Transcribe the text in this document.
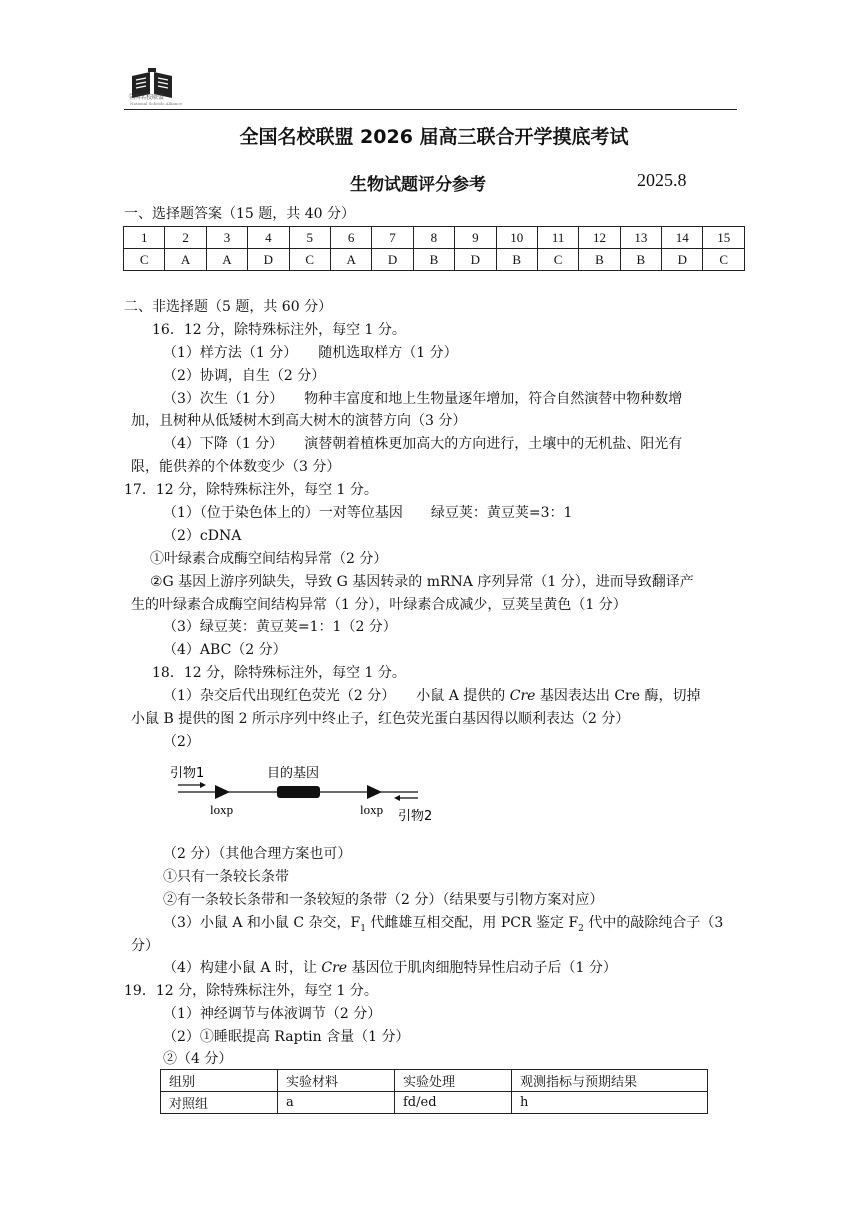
全国名校联盟
National Schools Alliance
全国名校联盟 2026 届高三联合开学摸底考试
生物试题评分参考	2025.8
一、选择题答案（15 题，共 40 分）
1	2	3	4	5	6	7	8	9	10	11	12	13	14	15
C	A	A	D	C	A	D	B	D	B	C	B	B	D	C
二、非选择题（5 题，共 60 分）
16．12 分，除特殊标注外，每空 1 分。
（1）样方法（1 分）　　随机选取样方（1 分）
（2）协调，自生（2 分）
（3）次生（1 分）　　物种丰富度和地上生物量逐年增加，符合自然演替中物种数增
加，且树种从低矮树木到高大树木的演替方向（3 分）
（4）下降（1 分）　　演替朝着植株更加高大的方向进行，土壤中的无机盐、阳光有
限，能供养的个体数变少（3 分）
17．12 分，除特殊标注外，每空 1 分。
（1）（位于染色体上的）一对等位基因　　绿豆荚：黄豆荚=3：1
（2）cDNA
①叶绿素合成酶空间结构异常（2 分）
②G 基因上游序列缺失，导致 G 基因转录的 mRNA 序列异常（1 分），进而导致翻译产
生的叶绿素合成酶空间结构异常（1 分），叶绿素合成减少，豆荚呈黄色（1 分）
（3）绿豆荚：黄豆荚=1：1（2 分）
（4）ABC（2 分）
18．12 分，除特殊标注外，每空 1 分。
（1）杂交后代出现红色荧光（2 分）　　小鼠 A 提供的 Cre 基因表达出 Cre 酶，切掉
小鼠 B 提供的图 2 所示序列中终止子，红色荧光蛋白基因得以顺利表达（2 分）
（2）
引物1	目的基因
loxp	loxp 引物2
（2 分）（其他合理方案也可）
①只有一条较长条带
②有一条较长条带和一条较短的条带（2 分）（结果要与引物方案对应）
（3）小鼠 A 和小鼠 C 杂交，$F_1$ 代雌雄互相交配，用 PCR 鉴定 $F_2$ 代中的敲除纯合子（3
分）
（4）构建小鼠 A 时，让 Cre 基因位于肌肉细胞特异性启动子后（1 分）
19．12 分，除特殊标注外，每空 1 分。
（1）神经调节与体液调节（2 分）
（2）①睡眠提高 Raptin 含量（1 分）
②（4 分）
组别	实验材料	实验处理	观测指标与预期结果
对照组	a	fd/ed	h
